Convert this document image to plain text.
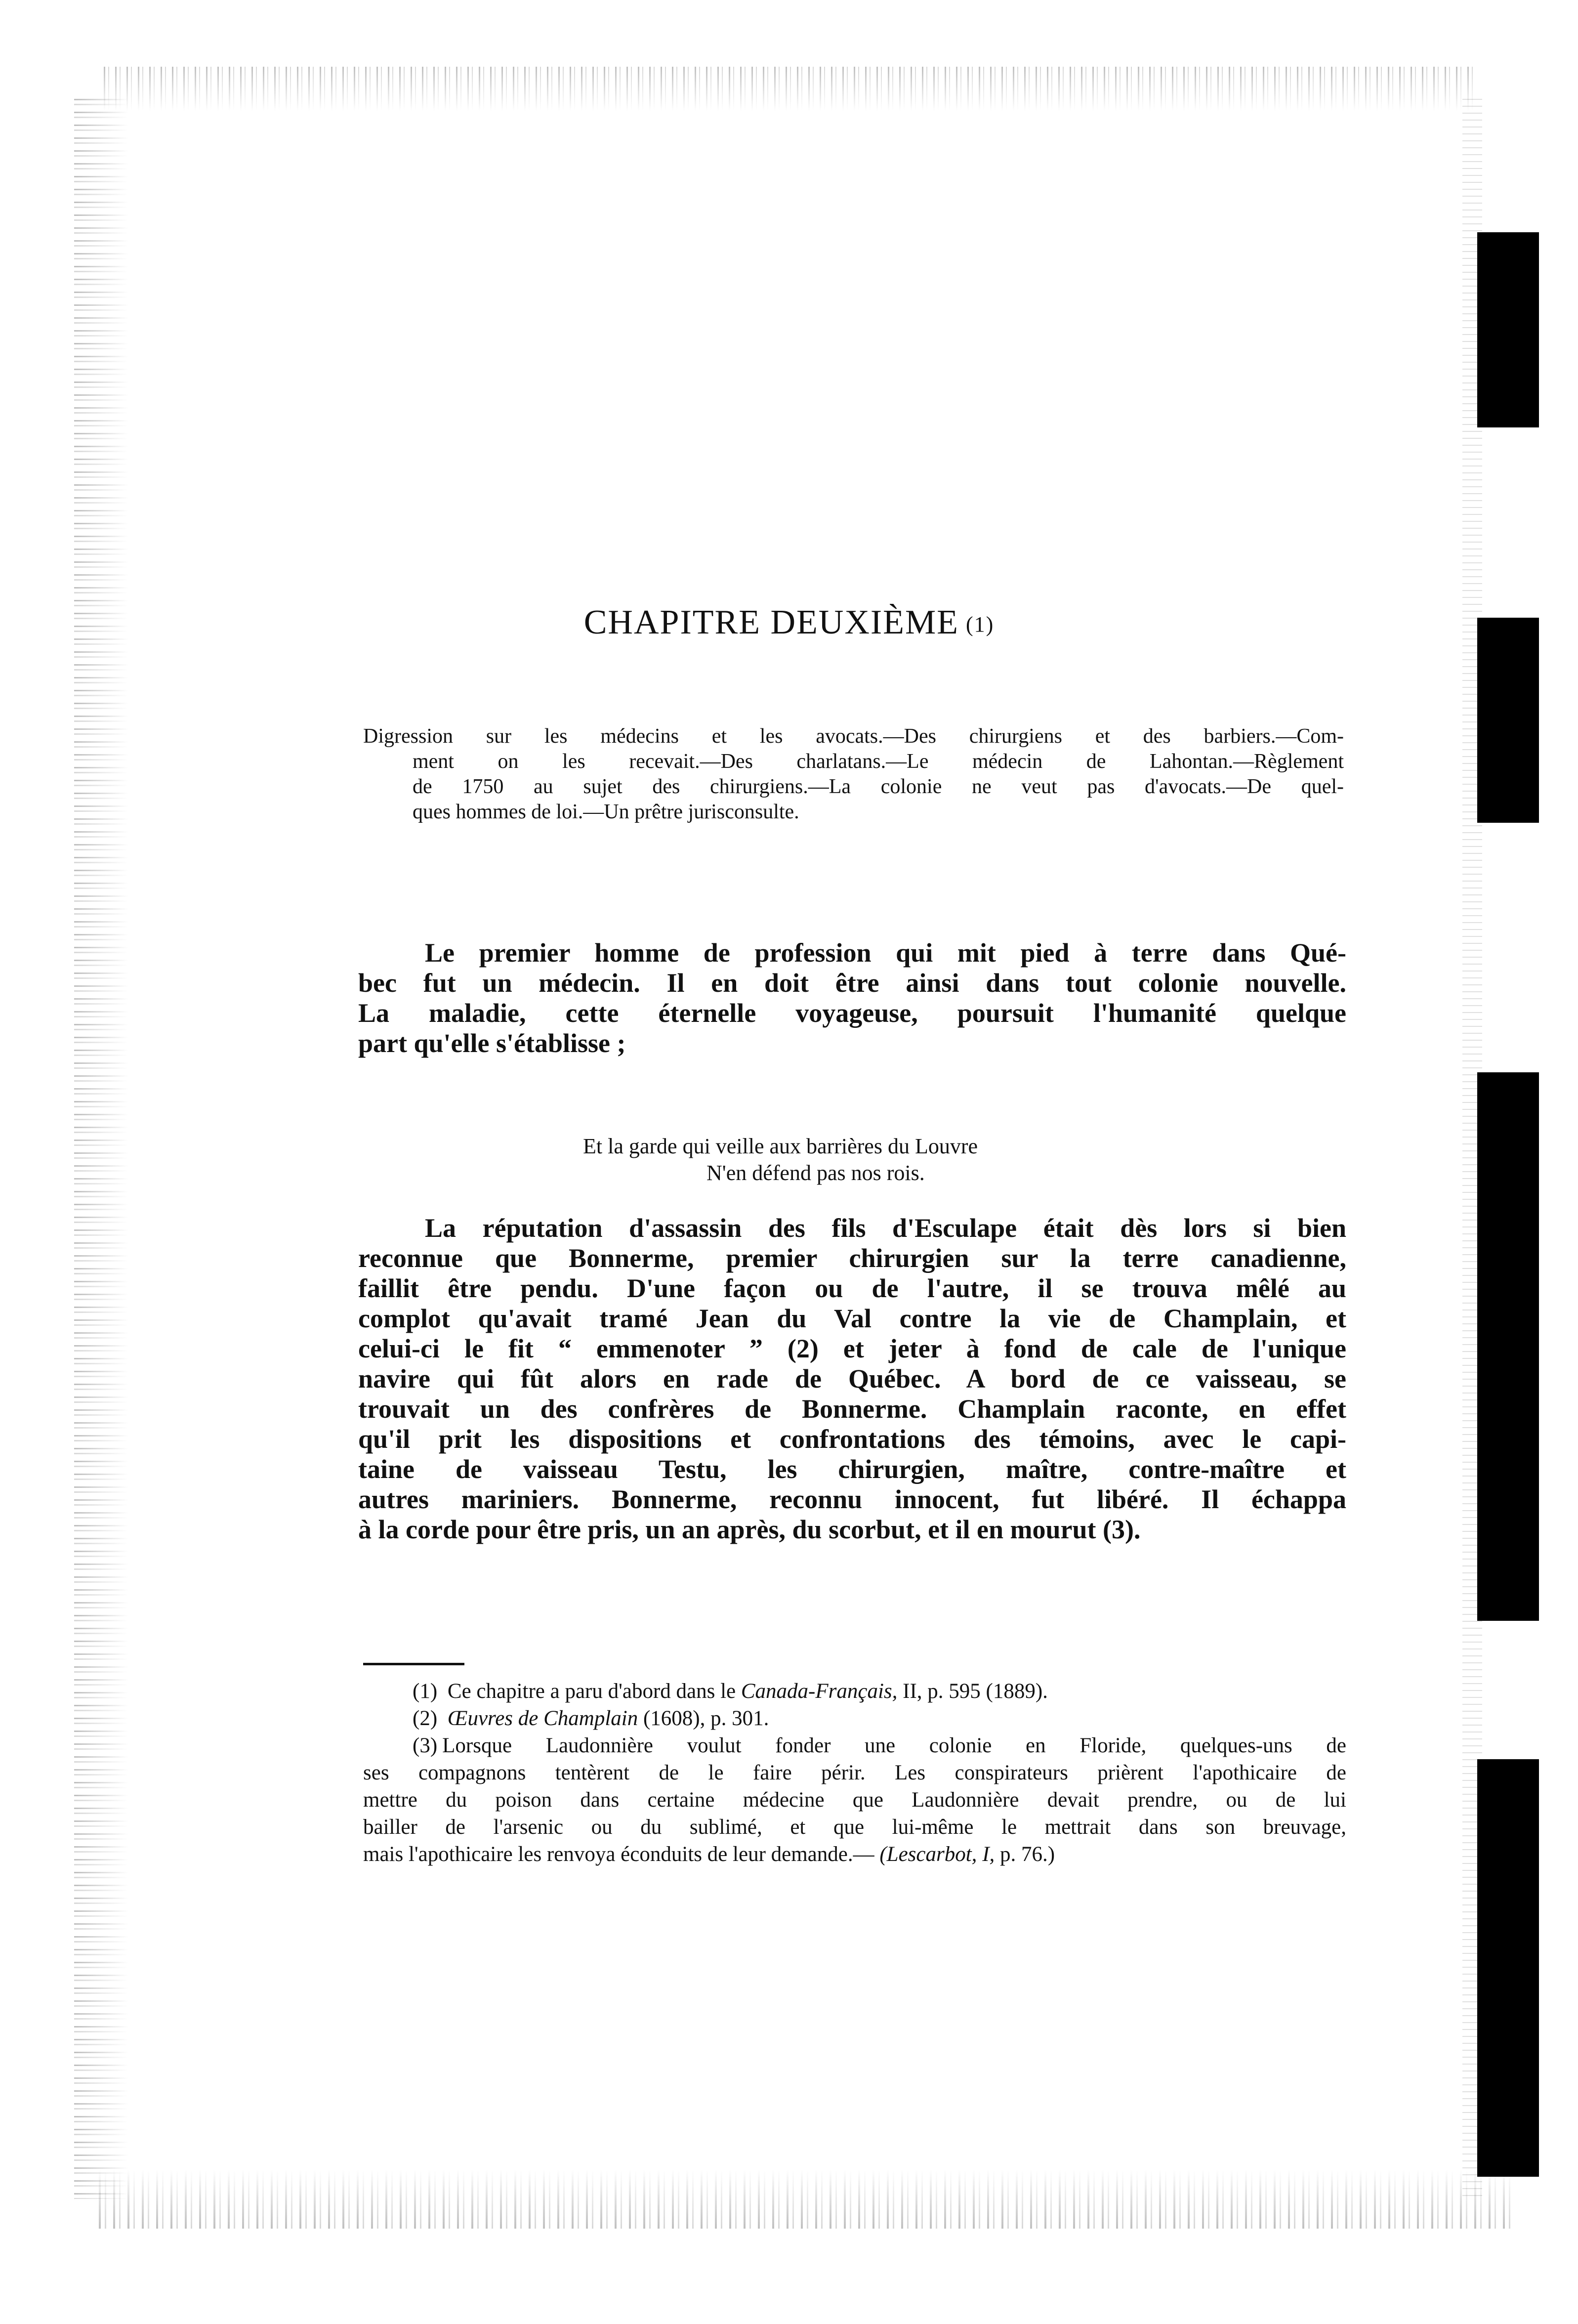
CHAPITRE DEUXIÈME (1)
Digression sur les médecins et les avocats.—Des chirurgiens et des barbiers.—Com-
ment on les recevait.—Des charlatans.—Le médecin de Lahontan.—Règlement
de 1750 au sujet des chirurgiens.—La colonie ne veut pas d'avocats.—De quel-
ques hommes de loi.—Un prêtre jurisconsulte.
Le premier homme de profession qui mit pied à terre dans Qué-
bec fut un médecin. Il en doit être ainsi dans tout colonie nouvelle.
La maladie, cette éternelle voyageuse, poursuit l'humanité quelque
part qu'elle s'établisse ;
Et la garde qui veille aux barrières du Louvre
N'en défend pas nos rois.
La réputation d'assassin des fils d'Esculape était dès lors si bien
reconnue que Bonnerme, premier chirurgien sur la terre canadienne,
faillit être pendu. D'une façon ou de l'autre, il se trouva mêlé au
complot qu'avait tramé Jean du Val contre la vie de Champlain, et
celui-ci le fit “ emmenoter ” (2) et jeter à fond de cale de l'unique
navire qui fût alors en rade de Québec. A bord de ce vaisseau, se
trouvait un des confrères de Bonnerme. Champlain raconte, en effet
qu'il prit les dispositions et confrontations des témoins, avec le capi-
taine de vaisseau Testu, les chirurgien, maître, contre-maître et
autres mariniers. Bonnerme, reconnu innocent, fut libéré. Il échappa
à la corde pour être pris, un an après, du scorbut, et il en mourut (3).
(1) Ce chapitre a paru d'abord dans le Canada-Français, II, p. 595 (1889).
(2) Œuvres de Champlain (1608), p. 301.
(3) Lorsque Laudonnière voulut fonder une colonie en Floride, quelques-uns de
ses compagnons tentèrent de le faire périr. Les conspirateurs prièrent l'apothicaire de
mettre du poison dans certaine médecine que Laudonnière devait prendre, ou de lui
bailler de l'arsenic ou du sublimé, et que lui-même le mettrait dans son breuvage,
mais l'apothicaire les renvoya éconduits de leur demande.— (Lescarbot, I, p. 76.)
